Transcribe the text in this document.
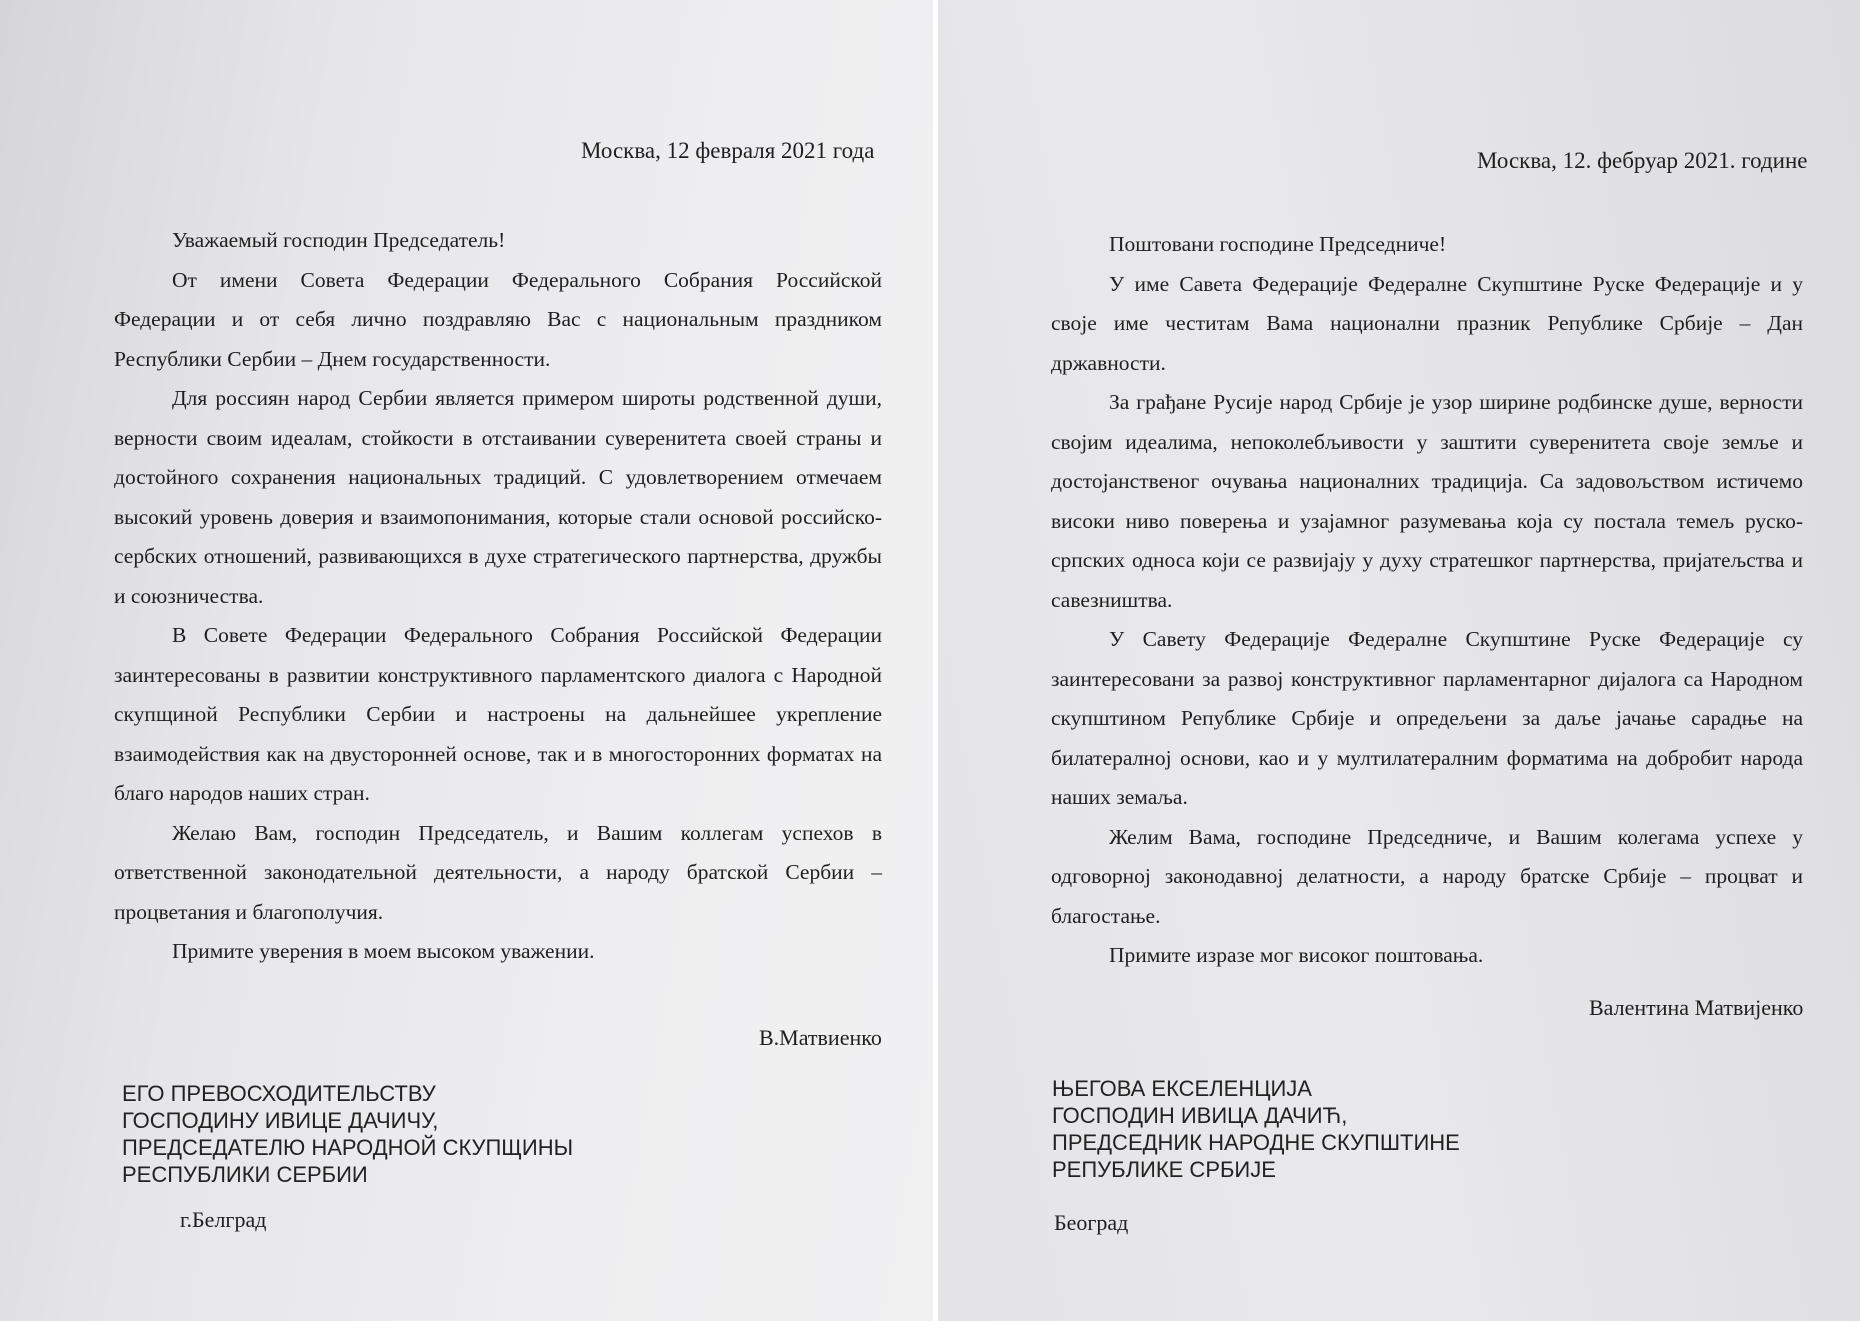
Москва, 12 февраля 2021 года

Уважаемый господин Председатель!

От имени Совета Федерации Федерального Собрания Российской Федерации и от себя лично поздравляю Вас с национальным праздником Республики Сербии – Днем государственности.

Для россиян народ Сербии является примером широты родственной души, верности своим идеалам, стойкости в отстаивании суверенитета своей страны и достойного сохранения национальных традиций. С удовлетворением отмечаем высокий уровень доверия и взаимопонимания, которые стали основой российско-сербских отношений, развивающихся в духе стратегического партнерства, дружбы и союзничества.

В Совете Федерации Федерального Собрания Российской Федерации заинтересованы в развитии конструктивного парламентского диалога с Народной скупщиной Республики Сербии и настроены на дальнейшее укрепление взаимодействия как на двусторонней основе, так и в многосторонних форматах на благо народов наших стран.

Желаю Вам, господин Председатель, и Вашим коллегам успехов в ответственной законодательной деятельности, а народу братской Сербии – процветания и благополучия.

Примите уверения в моем высоком уважении.

В.Матвиенко
ЕГО ПРЕВОСХОДИТЕЛЬСТВУ
ГОСПОДИНУ ИВИЦЕ ДАЧИЧУ,
ПРЕДСЕДАТЕЛЮ НАРОДНОЙ СКУПЩИНЫ
РЕСПУБЛИКИ СЕРБИИ
г.Белград
Москва, 12. фебруар 2021. године

Поштовани господине Председниче!

У име Савета Федерације Федералне Скупштине Руске Федерације и у своје име честитам Вама национални празник Републике Србије – Дан државности.

За грађане Русије народ Србије је узор ширине родбинске душе, верности својим идеалима, непоколебљивости у заштити суверенитета своје земље и достојанственог очувања националних традиција. Са задовољством истичемо високи ниво поверења и узајамног разумевања која су постала темељ руско-српских односа који се развијају у духу стратешког партнерства, пријатељства и савезништва.

У Савету Федерације Федералне Скупштине Руске Федерације су заинтересовани за развој конструктивног парламентарног дијалога са Народном скупштином Републике Србије и опредељени за даље јачање сарадње на билатералној основи, као и у мултилатералним форматима на добробит народа наших земаља.

Желим Вама, господине Председниче, и Вашим колегама успехе у одговорној законодавној делатности, а народу братске Србије – процват и благостање.

Примите изразе мог високог поштовања.

Валентина Матвијенко
ЊЕГОВА ЕКСЕЛЕНЦИЈА
ГОСПОДИН ИВИЦА ДАЧИЋ,
ПРЕДСЕДНИК НАРОДНЕ СКУПШТИНЕ
РЕПУБЛИКЕ СРБИЈЕ
Београд
